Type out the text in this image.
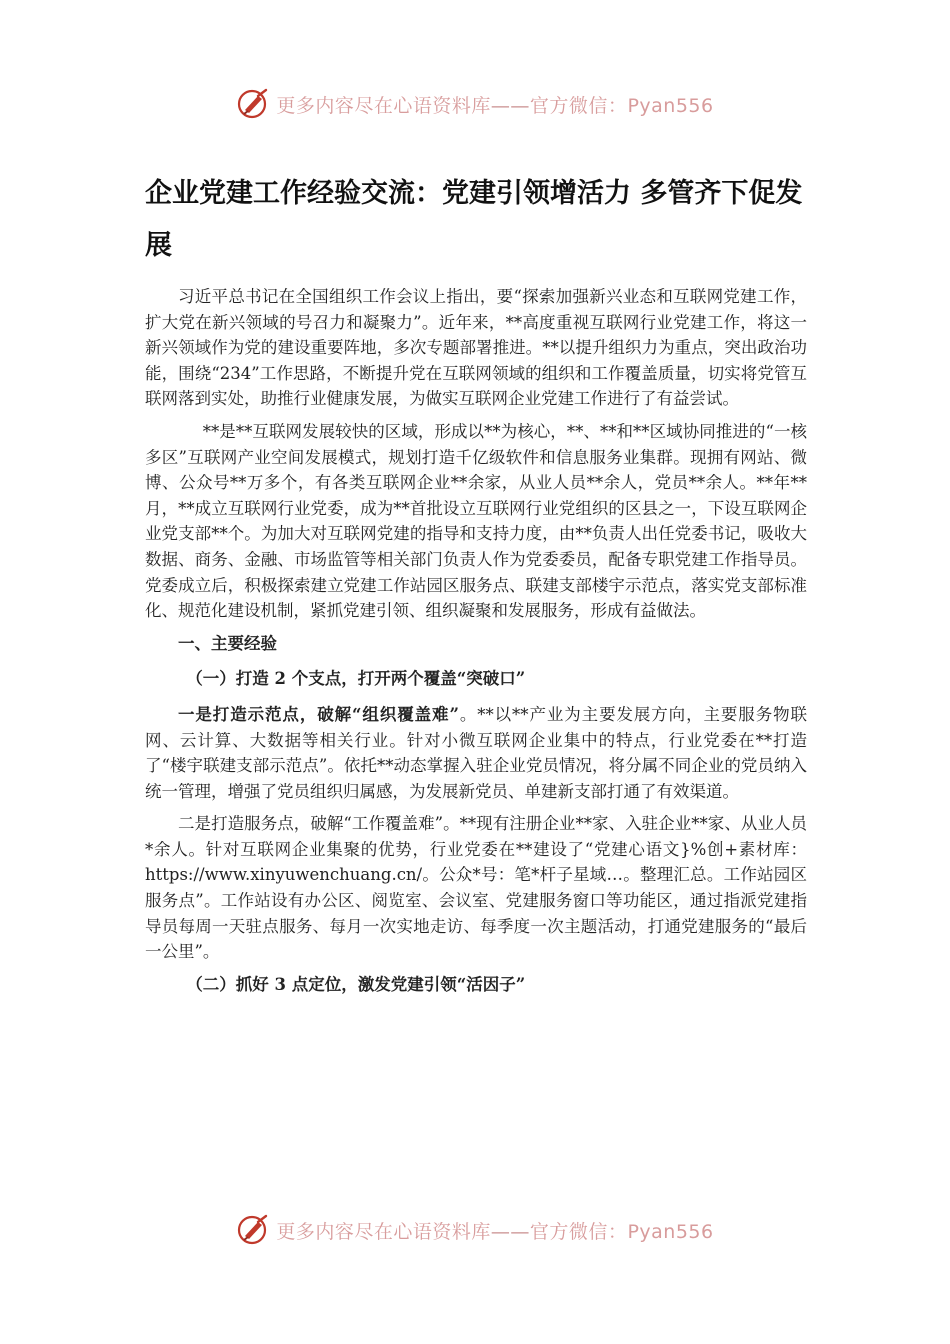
更多内容尽在心语资料库——官方微信：Pyan556
企业党建工作经验交流：党建引领增活力 多管齐下促发展

习近平总书记在全国组织工作会议上指出，要“探索加强新兴业态和互联网党建工作，扩大党在新兴领域的号召力和凝聚力”。近年来，**高度重视互联网行业党建工作，将这一新兴领域作为党的建设重要阵地，多次专题部署推进。**以提升组织力为重点，突出政治功能，围绕“234”工作思路，不断提升党在互联网领域的组织和工作覆盖质量，切实将党管互联网落到实处，助推行业健康发展，为做实互联网企业党建工作进行了有益尝试。

**是**互联网发展较快的区域，形成以**为核心，**、**和**区域协同推进的“一核多区”互联网产业空间发展模式，规划打造千亿级软件和信息服务业集群。现拥有网站、微博、公众号**万多个，有各类互联网企业**余家，从业人员**余人，党员**余人。**年**月，**成立互联网行业党委，成为**首批设立互联网行业党组织的区县之一，下设互联网企业党支部**个。为加大对互联网党建的指导和支持力度，由**负责人出任党委书记，吸收大数据、商务、金融、市场监管等相关部门负责人作为党委委员，配备专职党建工作指导员。党委成立后，积极探索建立党建工作站园区服务点、联建支部楼宇示范点，落实党支部标准化、规范化建设机制，紧抓党建引领、组织凝聚和发展服务，形成有益做法。

一、主要经验

（一）打造 2 个支点，打开两个覆盖“突破口”

一是打造示范点，破解“组织覆盖难”。**以**产业为主要发展方向，主要服务物联网、云计算、大数据等相关行业。针对小微互联网企业集中的特点，行业党委在**打造了“楼宇联建支部示范点”。依托**动态掌握入驻企业党员情况，将分属不同企业的党员纳入统一管理，增强了党员组织归属感，为发展新党员、单建新支部打通了有效渠道。

二是打造服务点，破解“工作覆盖难”。**现有注册企业**家、入驻企业**家、从业人员*余人。针对互联网企业集聚的优势，行业党委在**建设了“党建心语文}%创+素材库：https://www.xinyuwenchuang.cn/。公众*号：笔*杆子星域…。整理汇总。工作站园区服务点”。工作站设有办公区、阅览室、会议室、党建服务窗口等功能区，通过指派党建指导员每周一天驻点服务、每月一次实地走访、每季度一次主题活动，打通党建服务的“最后一公里”。

（二）抓好 3 点定位，激发党建引领“活因子”

更多内容尽在心语资料库——官方微信：Pyan556
